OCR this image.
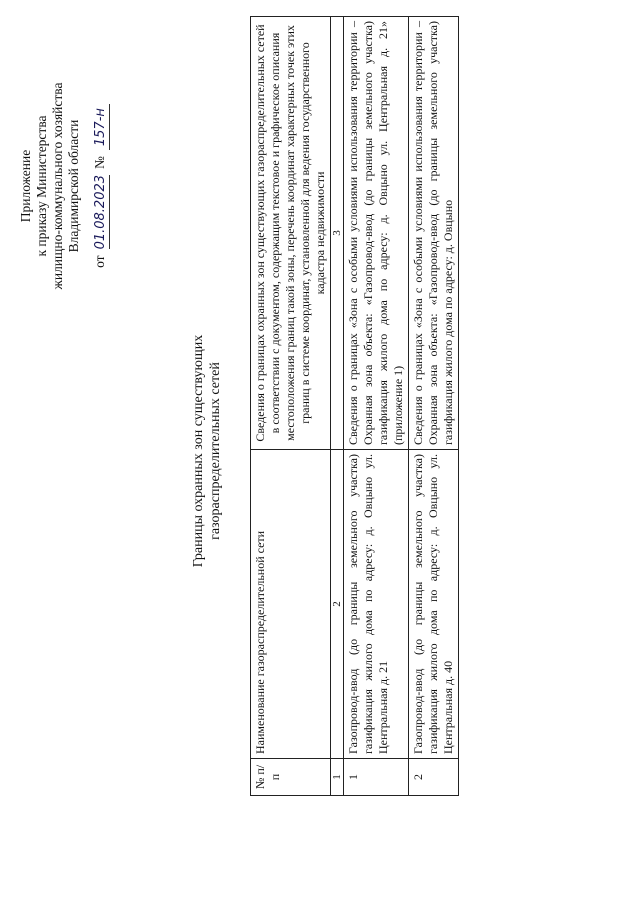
Приложение к приказу Министерства жилищно-коммунального хозяйства Владимирской области
от
01.08.2023
№
157-н
Границы охранных зон существующих газораспределительных сетей
№ п/п	Наименование газораспределительной сети	Сведения о границах охранных зон существующих газораспределительных сетей в соответствии с документом, содержащим текстовое и графическое описания местоположения границ такой зоны, перечень координат характерных точек этих границ в системе координат, установленной для ведения государственного кадастра недвижимости
1	2	3
1	Газопровод-ввод (до границы земельного участка) газификация жилого дома по адресу: д. Овцыно ул. Центральная д. 21	Сведения о границах «Зона с особыми условиями использования территории – Охранная зона объекта: «Газопровод-ввод (до границы земельного участка) газификация жилого дома по адресу: д. Овцыно ул. Центральная д. 21» (приложение 1)
2	Газопровод-ввод (до границы земельного участка) газификация жилого дома по адресу: д. Овцыно ул. Центральная д. 40	Сведения о границах «Зона с особыми условиями использования территории – Охранная зона объекта: «Газопровод-ввод (до границы земельного участка) газификация жилого дома по адресу: д. Овцыно
